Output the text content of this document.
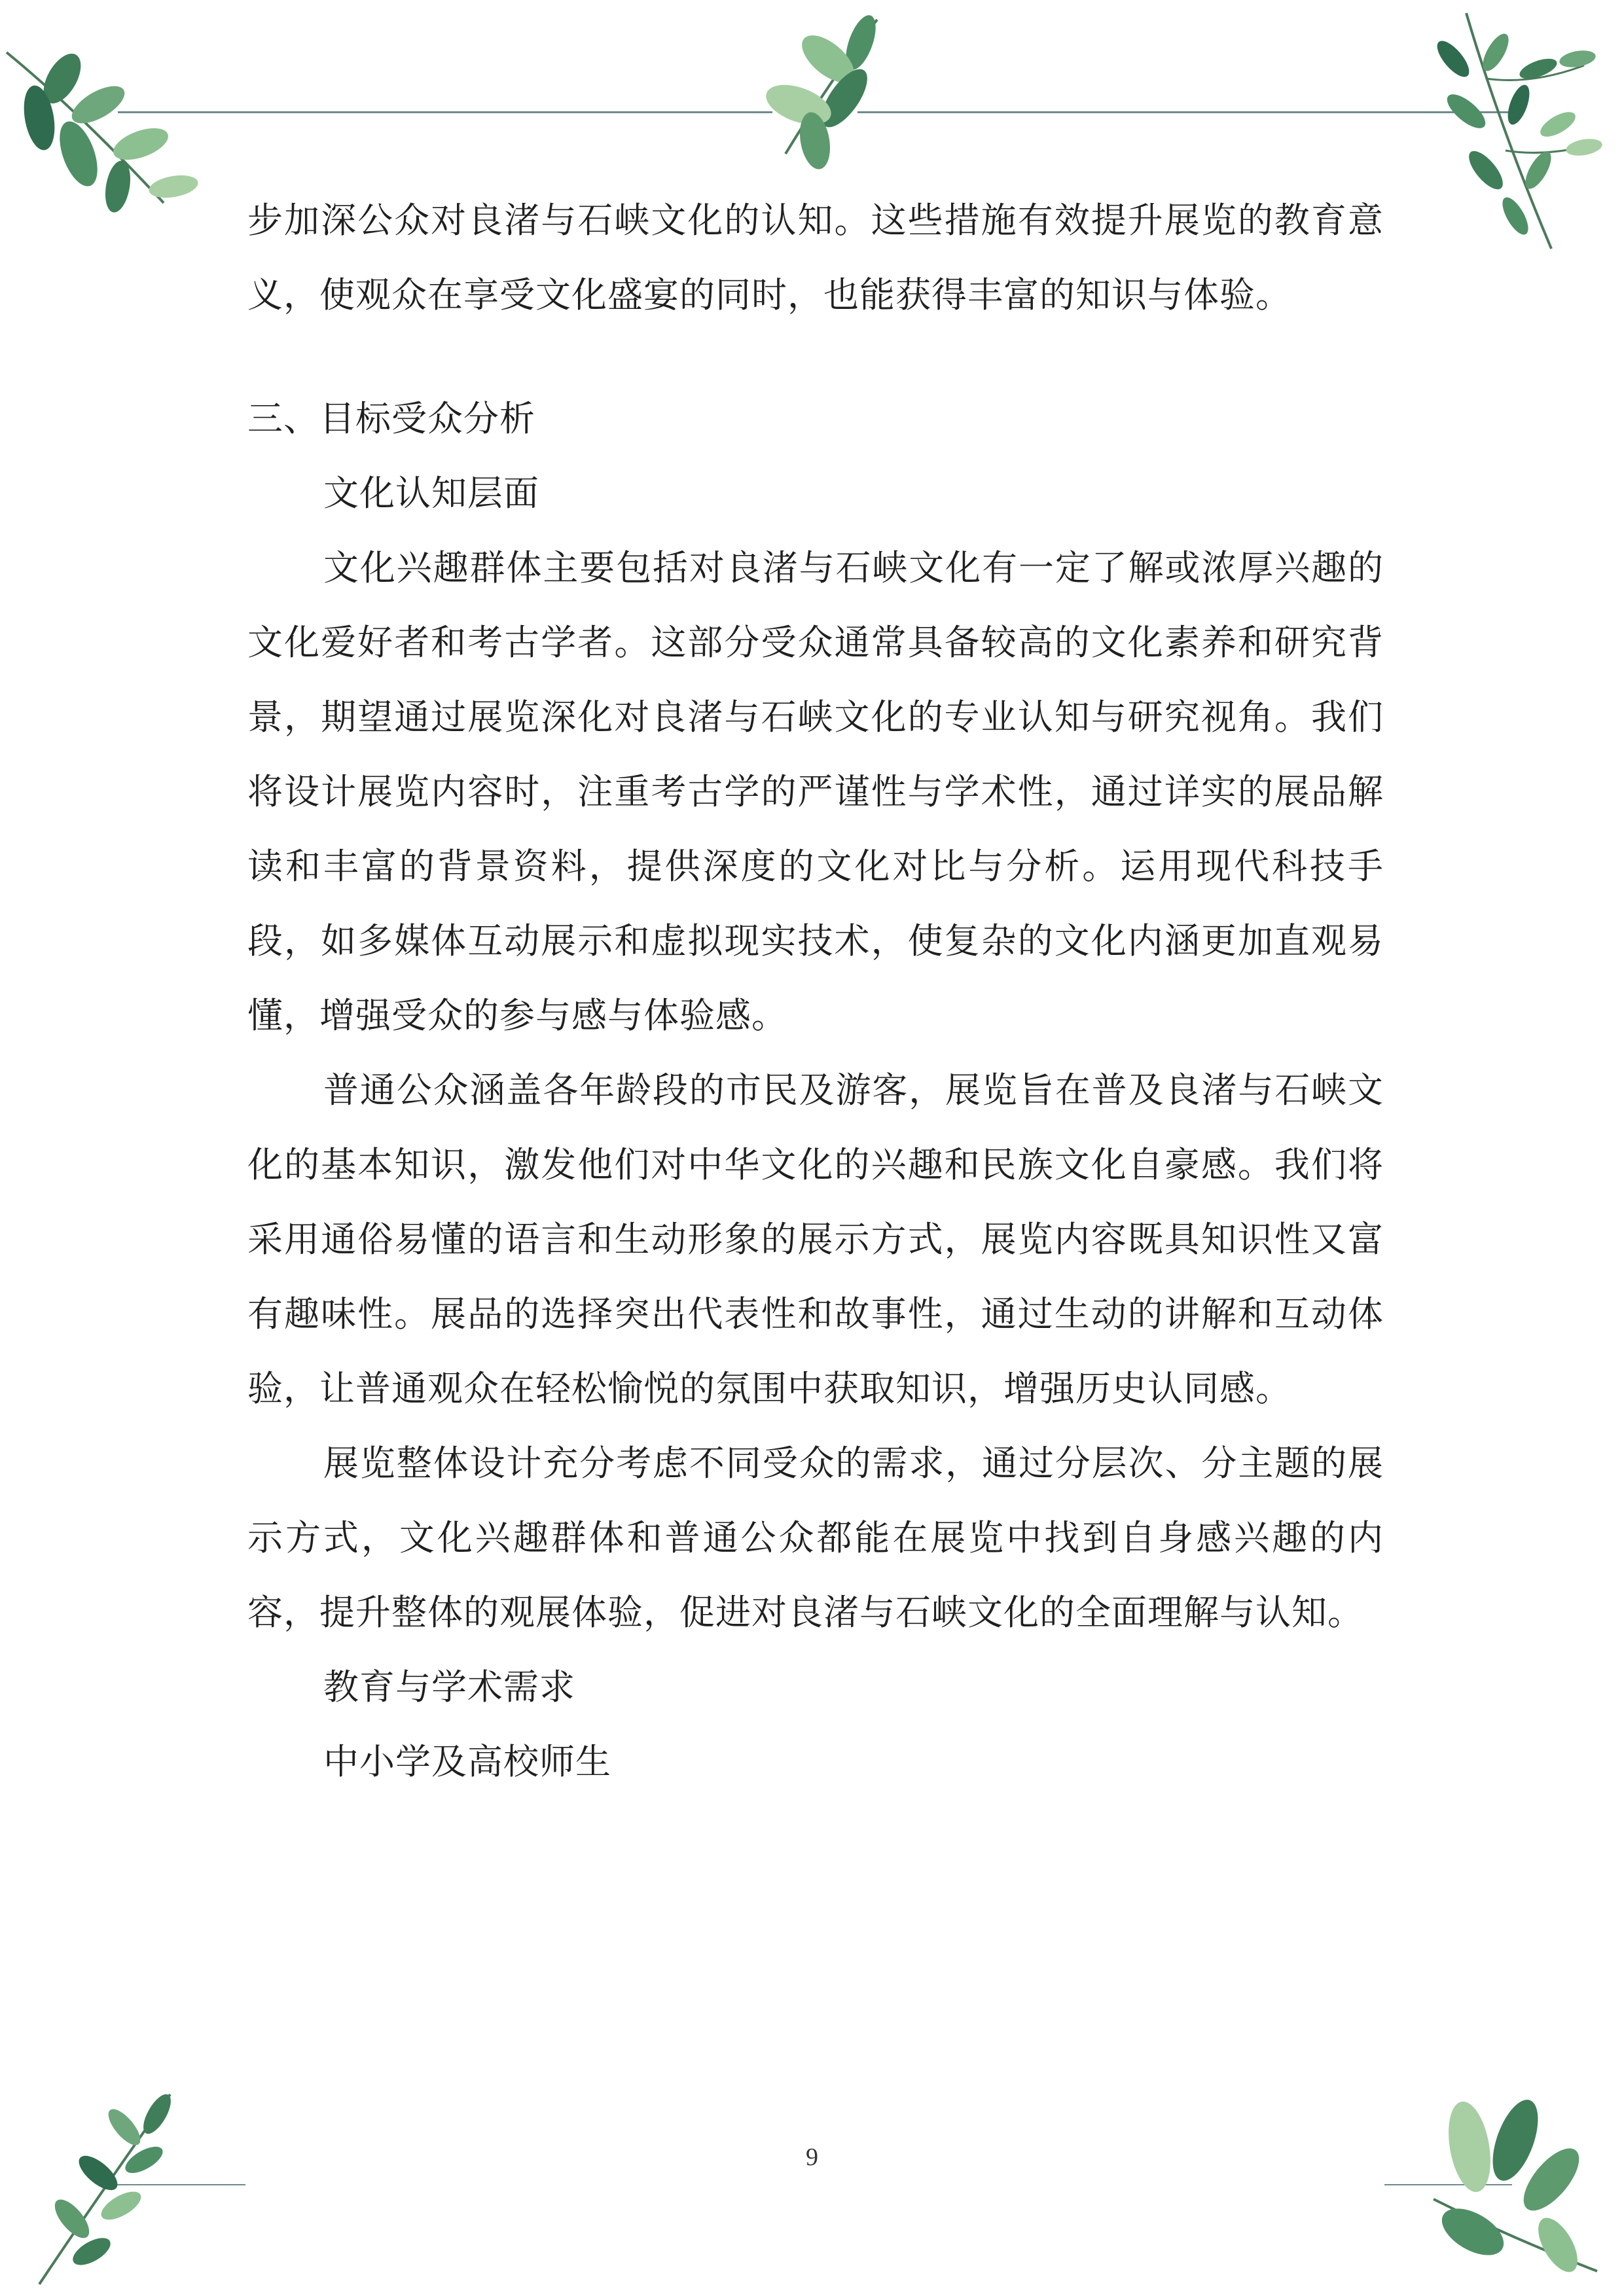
步加深公众对良渚与石峡文化的认知。这些措施有效提升展览的教育意义，使观众在享受文化盛宴的同时，也能获得丰富的知识与体验。

三、目标受众分析

文化认知层面

文化兴趣群体主要包括对良渚与石峡文化有一定了解或浓厚兴趣的文化爱好者和考古学者。这部分受众通常具备较高的文化素养和研究背景，期望通过展览深化对良渚与石峡文化的专业认知与研究视角。我们将设计展览内容时，注重考古学的严谨性与学术性，通过详实的展品解读和丰富的背景资料，提供深度的文化对比与分析。运用现代科技手段，如多媒体互动展示和虚拟现实技术，使复杂的文化内涵更加直观易懂，增强受众的参与感与体验感。

普通公众涵盖各年龄段的市民及游客，展览旨在普及良渚与石峡文化的基本知识，激发他们对中华文化的兴趣和民族文化自豪感。我们将采用通俗易懂的语言和生动形象的展示方式，展览内容既具知识性又富有趣味性。展品的选择突出代表性和故事性，通过生动的讲解和互动体验，让普通观众在轻松愉悦的氛围中获取知识，增强历史认同感。

展览整体设计充分考虑不同受众的需求，通过分层次、分主题的展示方式，文化兴趣群体和普通公众都能在展览中找到自身感兴趣的内容，提升整体的观展体验，促进对良渚与石峡文化的全面理解与认知。

教育与学术需求

中小学及高校师生

9
